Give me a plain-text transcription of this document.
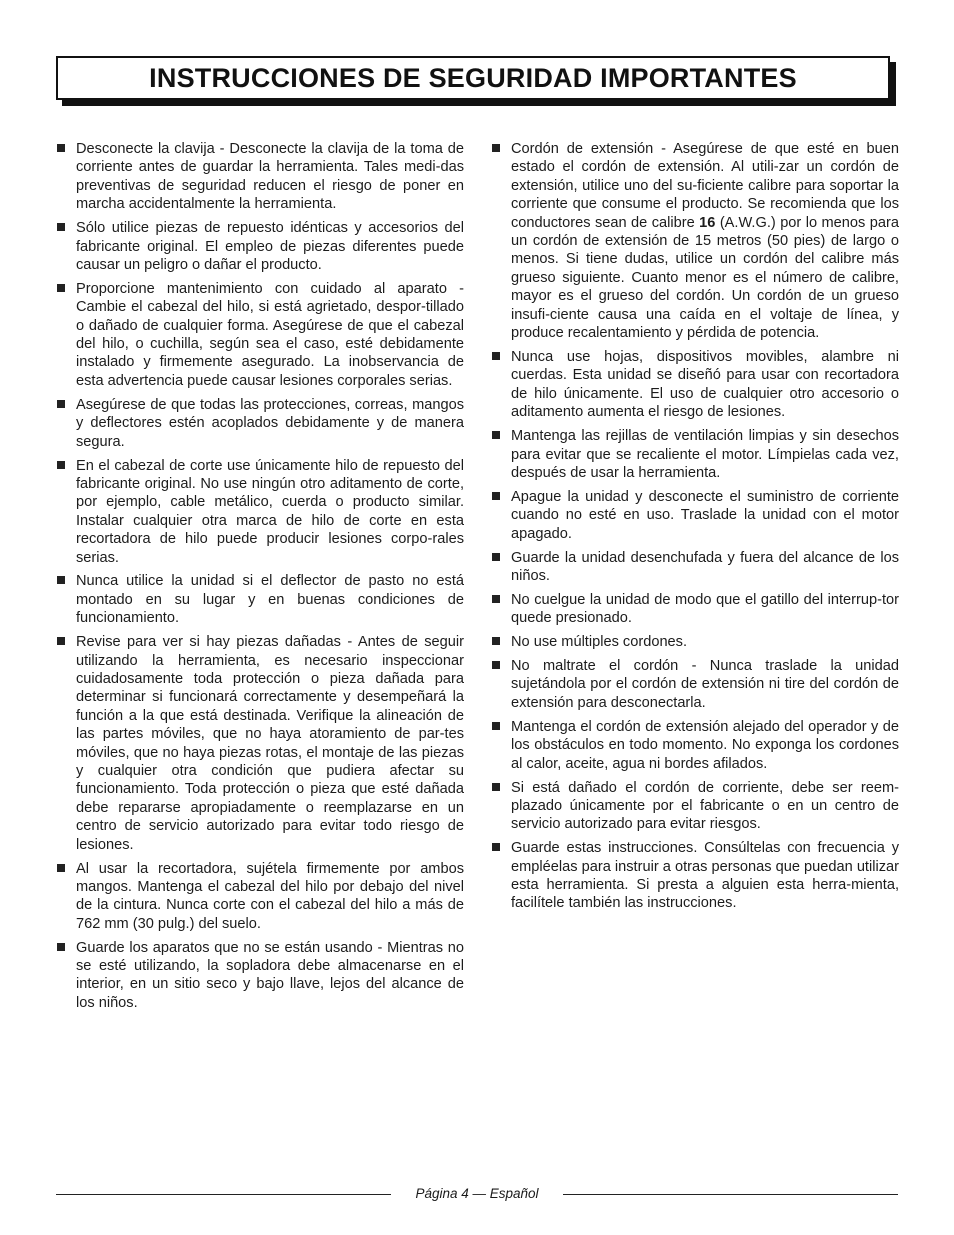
INSTRUCCIONES DE SEGURIDAD IMPORTANTES
Desconecte la clavija - Desconecte la clavija de la toma de corriente antes de guardar la herramienta. Tales medi-das preventivas de seguridad reducen el riesgo de poner en marcha accidentalmente la herramienta.
Sólo utilice piezas de repuesto idénticas y accesorios del fabricante original. El empleo de piezas diferentes puede causar un peligro o dañar el producto.
Proporcione mantenimiento con cuidado al aparato - Cambie el cabezal del hilo, si está agrietado, despor-tillado o dañado de cualquier forma. Asegúrese de que el cabezal del hilo, o cuchilla, según sea el caso, esté debidamente instalado y firmemente asegurado. La inobservancia de esta advertencia puede causar lesiones corporales serias.
Asegúrese de que todas las protecciones, correas, mangos y deflectores estén acoplados debidamente y de manera segura.
En el cabezal de corte use únicamente hilo de repuesto del fabricante original. No use ningún otro aditamento de corte, por ejemplo, cable metálico, cuerda o producto similar. Instalar cualquier otra marca de hilo de corte en esta recortadora de hilo puede producir lesiones corpo-rales serias.
Nunca utilice la unidad si el deflector de pasto no está montado en su lugar y en buenas condiciones de funcionamiento.
Revise para ver si hay piezas dañadas - Antes de seguir utilizando la herramienta, es necesario inspeccionar cuidadosamente toda protección o pieza dañada para determinar si funcionará correctamente y desempeñará la función a la que está destinada. Verifique la alineación de las partes móviles, que no haya atoramiento de par-tes móviles, que no haya piezas rotas, el montaje de las piezas y cualquier otra condición que pudiera afectar su funcionamiento. Toda protección o pieza que esté dañada debe repararse apropiadamente o reemplazarse en un centro de servicio autorizado para evitar todo riesgo de lesiones.
Al usar la recortadora, sujétela firmemente por ambos mangos. Mantenga el cabezal del hilo por debajo del nivel de la cintura. Nunca corte con el cabezal del hilo a más de 762 mm (30 pulg.) del suelo.
Guarde los aparatos que no se están usando - Mientras no se esté utilizando, la sopladora debe almacenarse en el interior, en un sitio seco y bajo llave, lejos del alcance de los niños.
Cordón de extensión - Asegúrese de que esté en buen estado el cordón de extensión. Al utili-zar un cordón de extensión, utilice uno del su-ficiente calibre para soportar la corriente que consume el producto. Se recomienda que los conductores sean de calibre 16 (A.W.G.) por lo menos para un cordón de extensión de 15 metros (50 pies) de largo o menos. Si tiene dudas, utilice un cordón del calibre más grueso siguiente. Cuanto menor es el número de calibre, mayor es el grueso del cordón. Un cordón de un grueso insufi-ciente causa una caída en el voltaje de línea, y produce recalentamiento y pérdida de potencia.
Nunca use hojas, dispositivos movibles, alambre ni cuerdas. Esta unidad se diseñó para usar con recortadora de hilo únicamente. El uso de cualquier otro accesorio o aditamento aumenta el riesgo de lesiones.
Mantenga las rejillas de ventilación limpias y sin desechos para evitar que se recaliente el motor. Límpielas cada vez, después de usar la herramienta.
Apague la unidad y desconecte el suministro de corriente cuando no esté en uso. Traslade la unidad con el motor apagado.
Guarde la unidad desenchufada y fuera del alcance de los niños.
No cuelgue la unidad de modo que el gatillo del interrup-tor quede presionado.
No use múltiples cordones.
No maltrate el cordón - Nunca traslade la unidad sujetándola por el cordón de extensión ni tire del cordón de extensión para desconectarla.
Mantenga el cordón de extensión alejado del operador y de los obstáculos en todo momento. No exponga los cordones al calor, aceite, agua ni bordes afilados.
Si está dañado el cordón de corriente, debe ser reem-plazado únicamente por el fabricante o en un centro de servicio autorizado para evitar riesgos.
Guarde estas instrucciones. Consúltelas con frecuencia y empléelas para instruir a otras personas que puedan utilizar esta herramienta. Si presta a alguien esta herra-mienta, facilítele también las instrucciones.
Página 4 — Español
